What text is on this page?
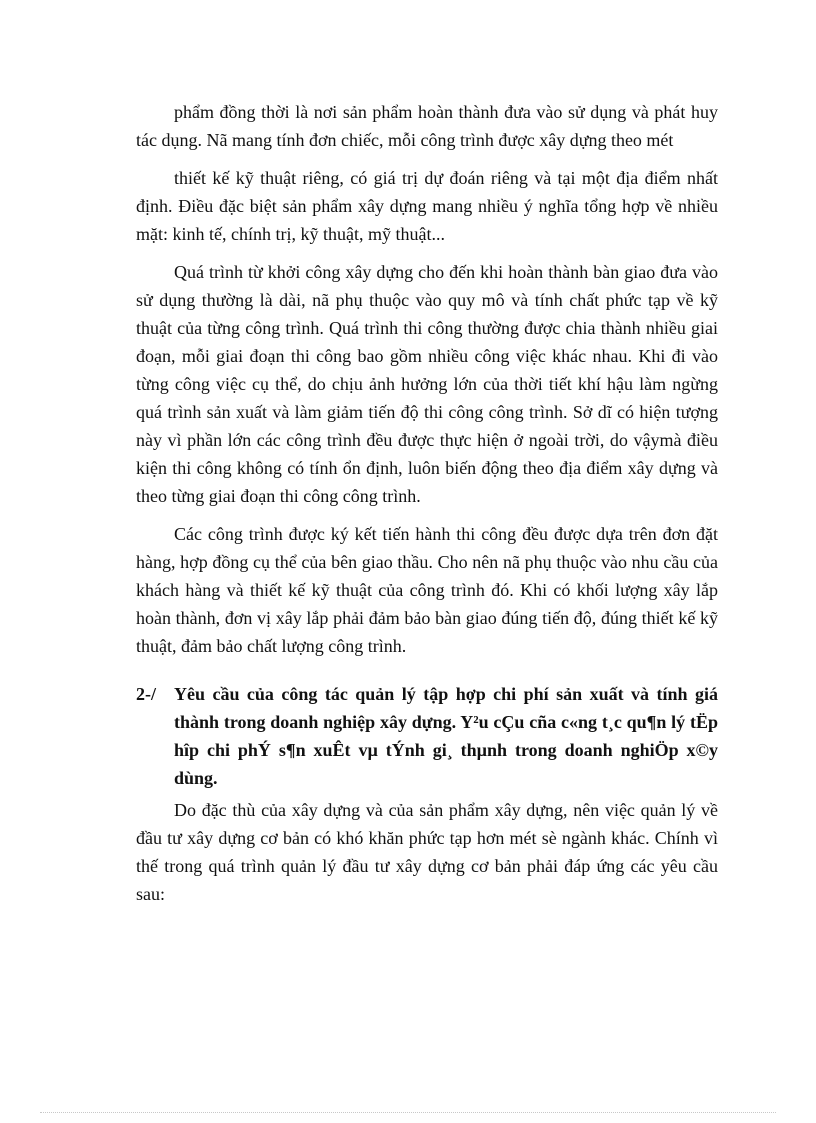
phẩm đồng thời là nơi sản phẩm hoàn thành đưa vào sử dụng và phát huy tác dụng. Nã mang tính đơn chiếc, mỗi công trình được xây dựng theo mét

thiết kế kỹ thuật riêng, có giá trị dự đoán riêng và tại một địa điểm nhất định. Điều đặc biệt sản phẩm xây dựng mang nhiều ý nghĩa tổng hợp về nhiều mặt: kinh tế, chính trị, kỹ thuật, mỹ thuật...

Quá trình từ khởi công xây dựng cho đến khi hoàn thành bàn giao đưa vào sử dụng thường là dài, nã phụ thuộc vào quy mô và tính chất phức tạp về kỹ thuật của từng công trình. Quá trình thi công thường được chia thành nhiều giai đoạn, mỗi giai đoạn thi công bao gồm nhiều công việc khác nhau. Khi đi vào từng công việc cụ thể, do chịu ảnh hưởng lớn của thời tiết khí hậu làm ngừng quá trình sản xuất và làm giảm tiến độ thi công công trình. Sở dĩ có hiện tượng này vì phần lớn các công trình đều được thực hiện ở ngoài trời, do vậymà điều kiện thi công không có tính ổn định, luôn biến động theo địa điểm xây dựng và theo từng giai đoạn thi công công trình.

Các công trình được ký kết tiến hành thi công đều được dựa trên đơn đặt hàng, hợp đồng cụ thể của bên giao thầu. Cho nên nã phụ thuộc vào nhu cầu của khách hàng và thiết kế kỹ thuật của công trình đó. Khi có khối lượng xây lắp hoàn thành, đơn vị xây lắp phải đảm bảo bàn giao đúng tiến độ, đúng thiết kế kỹ thuật, đảm bảo chất lượng công trình.

2-/ Yêu cầu của công tác quản lý tập hợp chi phí sản xuất và tính giá thành trong doanh nghiệp xây dựng. Y²u cÇu cña c«ng t¸c qu¶n lý tËp hîp chi phÝ s¶n xuÊt vµ tÝnh gi¸ thµnh trong doanh nghiÖp x©y dùng.

Do đặc thù của xây dựng và của sản phẩm xây dựng, nên việc quản lý về đầu tư xây dựng cơ bản có khó khăn phức tạp hơn mét sè ngành khác. Chính vì thế trong quá trình quản lý đầu tư xây dựng cơ bản phải đáp ứng các yêu cầu sau:
